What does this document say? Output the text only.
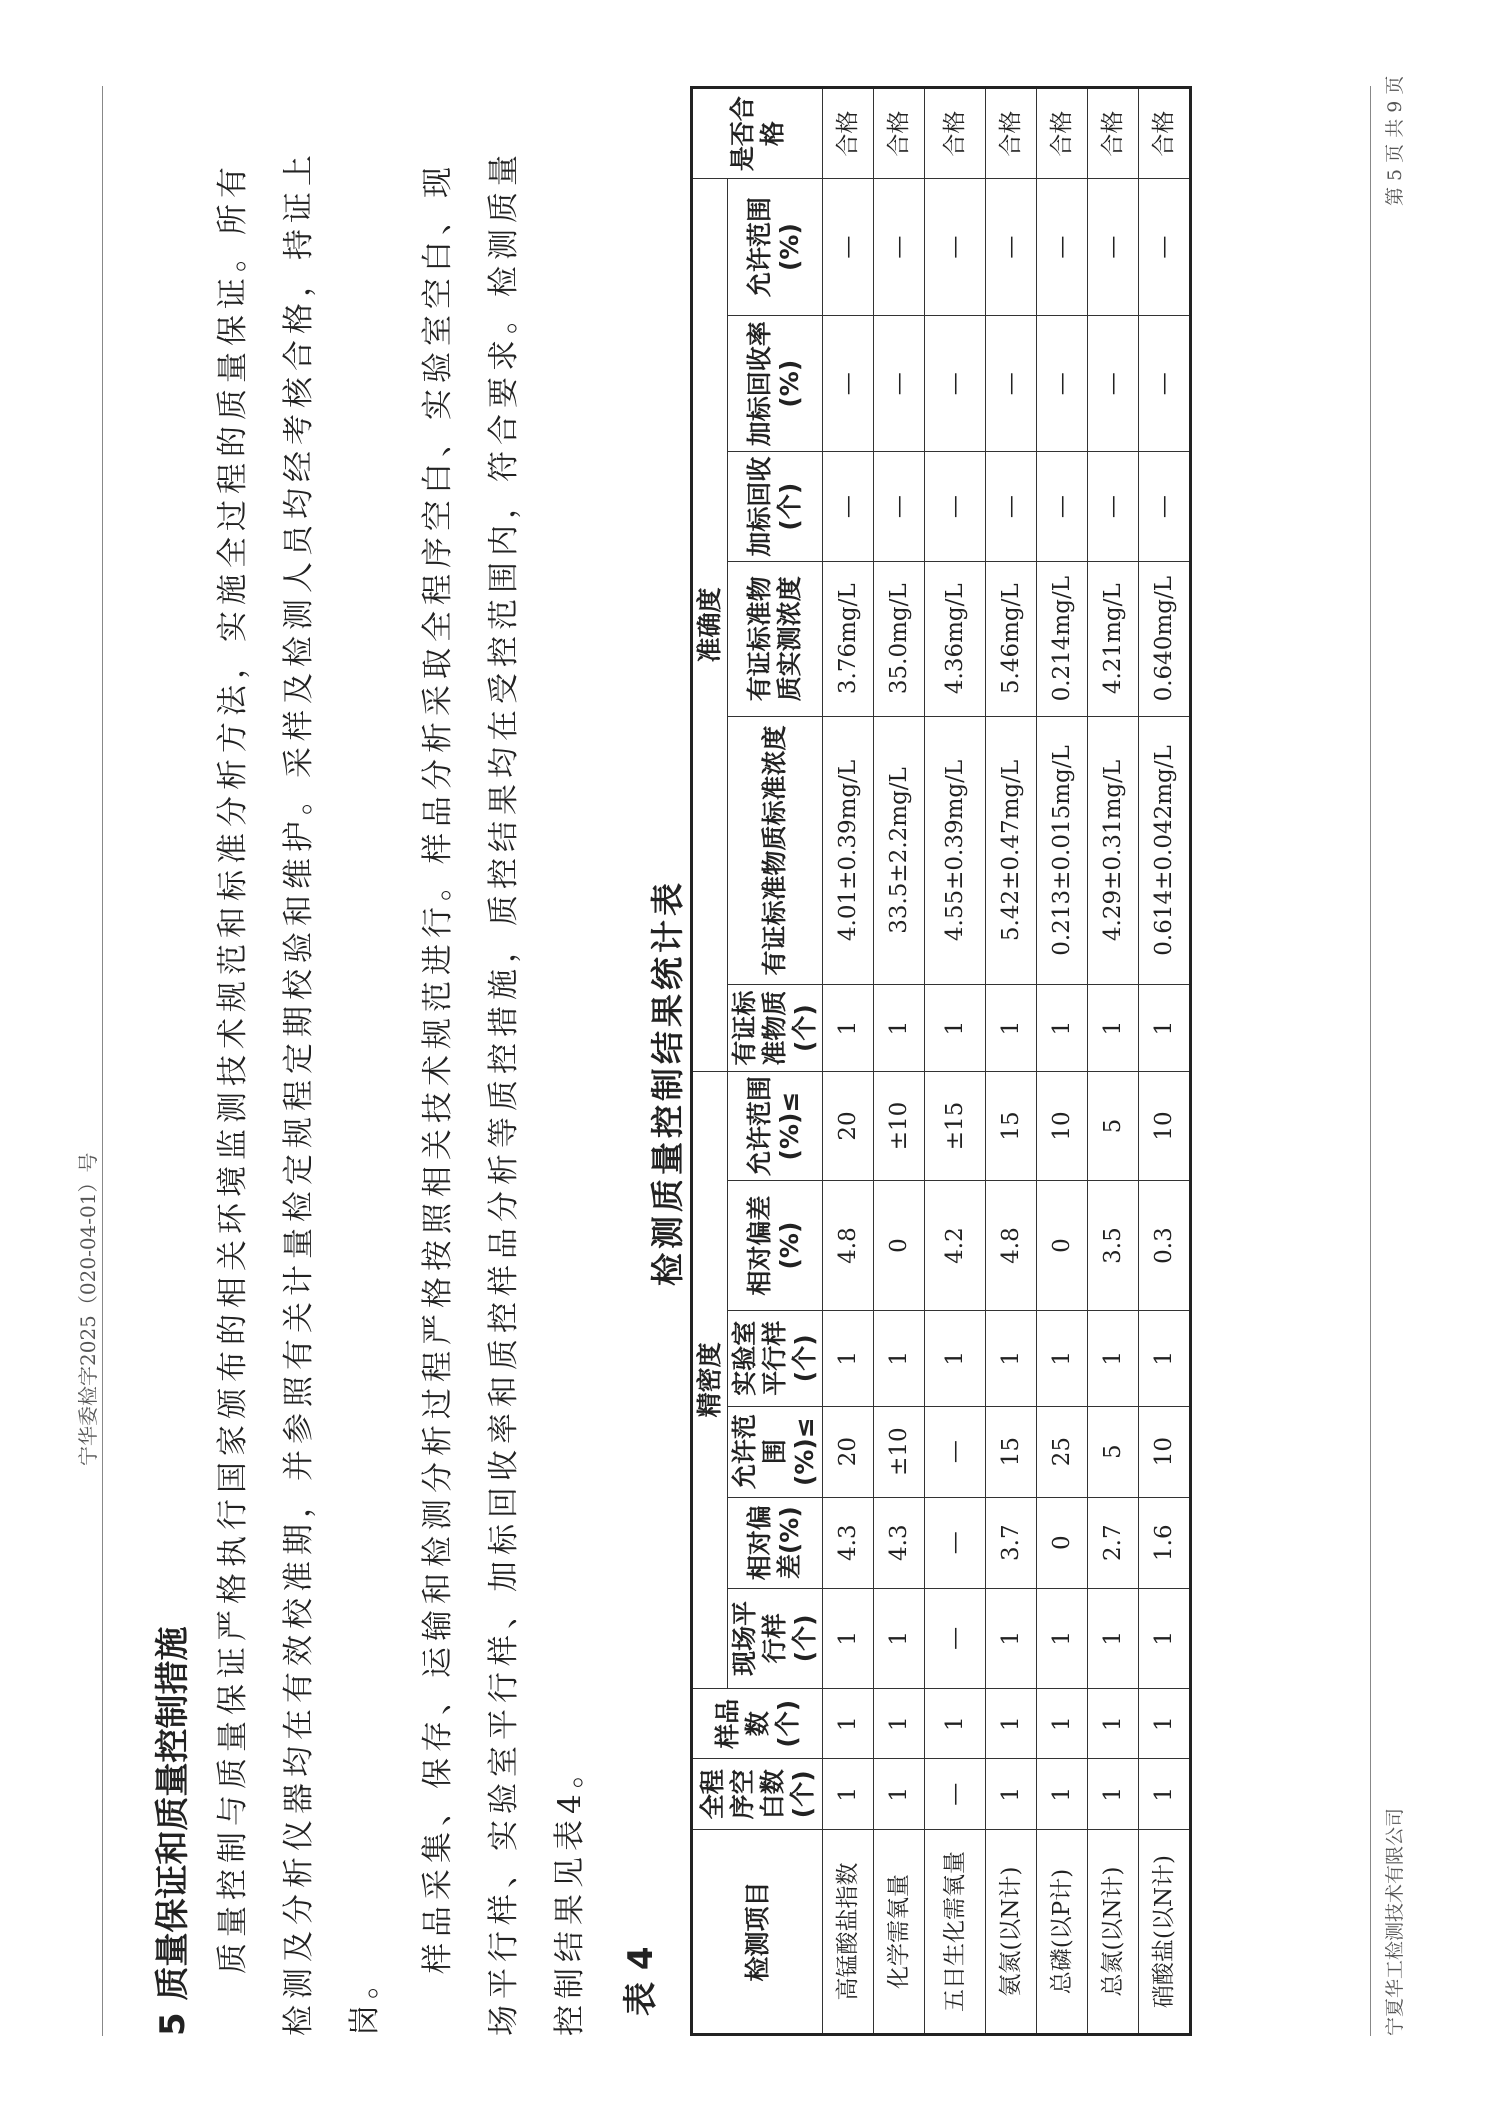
宁华委检字2025（020-04-01）号
5 质量保证和质量控制措施 质量控制与质量保证严格执行国家颁布的相关环境监测技术规范和标准分析方法，实施全过程的质量保证。所有检测及分析仪器均在有效校准期，并参照有关计量检定规程定期校验和维护。采样及检测人员均经考核合格，持证上岗。

样品采集、保存、运输和检测分析过程严格按照相关技术规范进行。样品分析采取全程序空白、实验室空白、现场平行样、实验室平行样、加标回收率和质控样品分析等质控措施，质控结果均在受控范围内，符合要求。检测质量控制结果见表4。 表 4
检测质量控制结果统计表
检测项目	全程序空白数(个)	样品数(个)	精密度						准确度						是否合格
			现场平行样(个)	相对偏差(%)	允许范围(%)≤	实验室平行样(个)	相对偏差(%)	允许范围(%)≤	有证标准物质(个)	有证标准物质标准浓度	有证标准物质实测浓度	加标回收(个)	加标回收率(%)	允许范围(%)	
高锰酸盐指数	1	1	1	4.3	20	1	4.8	20	1	4.01±0.39mg/L	3.76mg/L	—	—	—	合格
化学需氧量	1	1	1	4.3	±10	1	0	±10	1	33.5±2.2mg/L	35.0mg/L	—	—	—	合格
五日生化需氧量	—	1	—	—	—	1	4.2	±15	1	4.55±0.39mg/L	4.36mg/L	—	—	—	合格
氨氮(以N计)	1	1	1	3.7	15	1	4.8	15	1	5.42±0.47mg/L	5.46mg/L	—	—	—	合格
总磷(以P计)	1	1	1	0	25	1	0	10	1	0.213±0.015mg/L	0.214mg/L	—	—	—	合格
总氮(以N计)	1	1	1	2.7	5	1	3.5	5	1	4.29±0.31mg/L	4.21mg/L	—	—	—	合格
硝酸盐(以N计)	1	1	1	1.6	10	1	0.3	10	1	0.614±0.042mg/L	0.640mg/L	—	—	—	合格
宁夏华工检测技术有限公司
第 5 页 共 9 页
